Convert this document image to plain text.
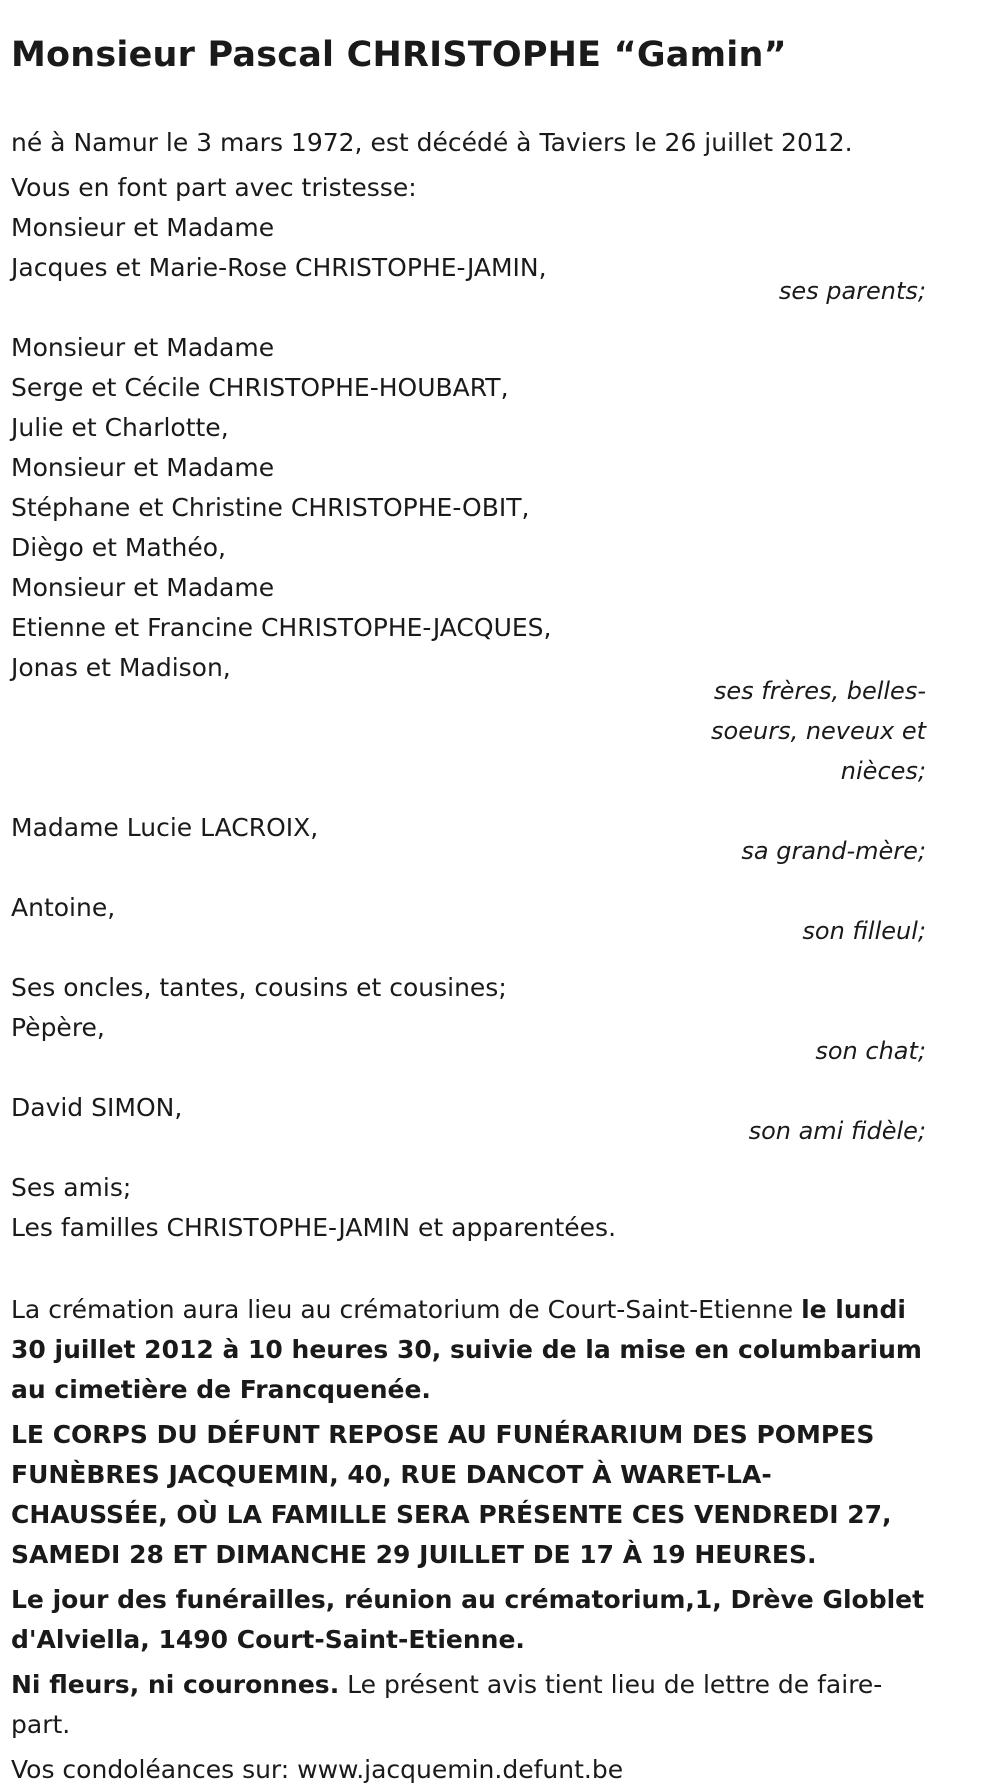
Monsieur Pascal CHRISTOPHE “Gamin”

né à Namur le 3 mars 1972, est décédé à Taviers le 26 juillet 2012.

Vous en font part avec tristesse:

Monsieur et Madame

Jacques et Marie-Rose CHRISTOPHE-JAMIN,

ses parents;

Monsieur et Madame

Serge et Cécile CHRISTOPHE-HOUBART,

Julie et Charlotte,

Monsieur et Madame

Stéphane et Christine CHRISTOPHE-OBIT,

Diègo et Mathéo,

Monsieur et Madame

Etienne et Francine CHRISTOPHE-JACQUES,

Jonas et Madison,

ses frères, belles-

soeurs, neveux et

nièces;

Madame Lucie LACROIX,

sa grand-mère;

Antoine,

son filleul;

Ses oncles, tantes, cousins et cousines;

Pèpère,

son chat;

David SIMON,

son ami fidèle;

Ses amis;

Les familles CHRISTOPHE-JAMIN et apparentées.

La crémation aura lieu au crématorium de Court-Saint-Etienne le lundi 30 juillet 2012 à 10 heures 30, suivie de la mise en columbarium au cimetière de Francquenée.

LE CORPS DU DÉFUNT REPOSE AU FUNÉRARIUM DES POMPES FUNÈBRES JACQUEMIN, 40, RUE DANCOT À WARET-LA-CHAUSSÉE, OÙ LA FAMILLE SERA PRÉSENTE CES VENDREDI 27, SAMEDI 28 ET DIMANCHE 29 JUILLET DE 17 À 19 HEURES.

Le jour des funérailles, réunion au crématorium,1, Drève Globlet d'Alviella, 1490 Court-Saint-Etienne.

Ni fleurs, ni couronnes. Le présent avis tient lieu de lettre de faire-part.

Vos condoléances sur: www.jacquemin.defunt.be
